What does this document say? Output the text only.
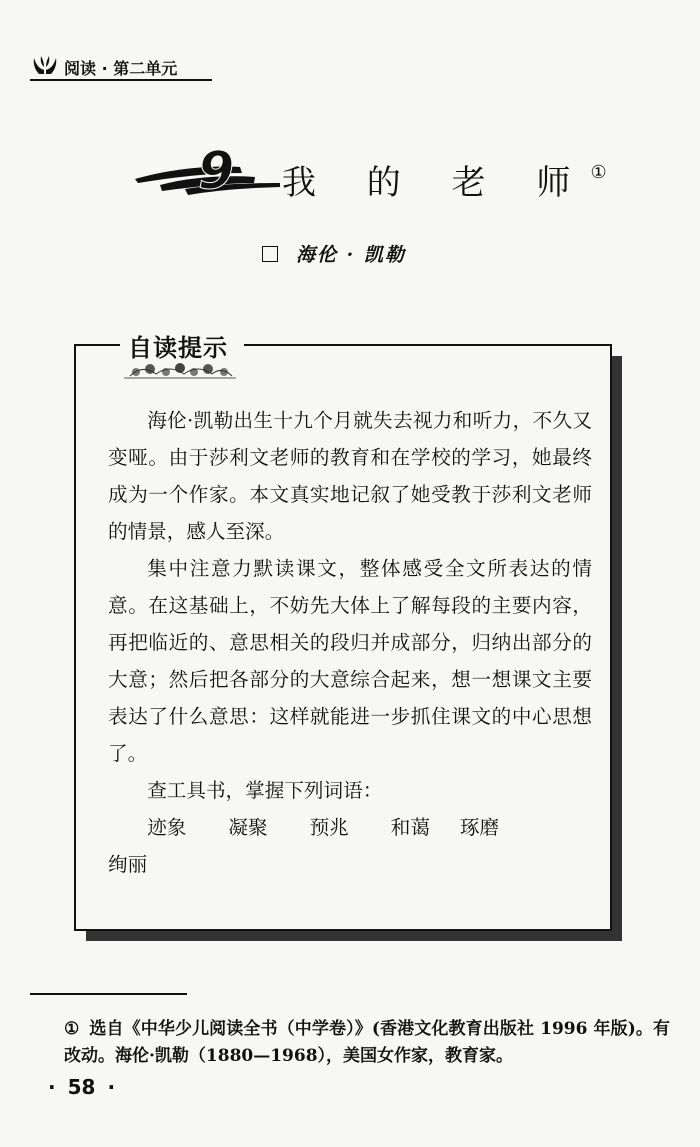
阅读 · 第二单元
9 我 的 老 师①
海伦 · 凯勒
自读提示

海伦·凯勒出生十九个月就失去视力和听力，不久又变哑。由于莎利文老师的教育和在学校的学习，她最终成为一个作家。本文真实地记叙了她受教于莎利文老师的情景，感人至深。

集中注意力默读课文，整体感受全文所表达的情意。在这基础上，不妨先大体上了解每段的主要内容，再把临近的、意思相关的段归并成部分，归纳出部分的大意；然后把各部分的大意综合起来，想一想课文主要表达了什么意思：这样就能进一步抓住课文的中心思想了。

查工具书，掌握下列词语：

迹象 凝聚 预兆 和蔼 琢磨
绚丽
① 选自《中华少儿阅读全书（中学卷）》(香港文化教育出版社 1996 年版)。有改动。海伦·凯勒（1880—1968），美国女作家，教育家。
· 58 ·
